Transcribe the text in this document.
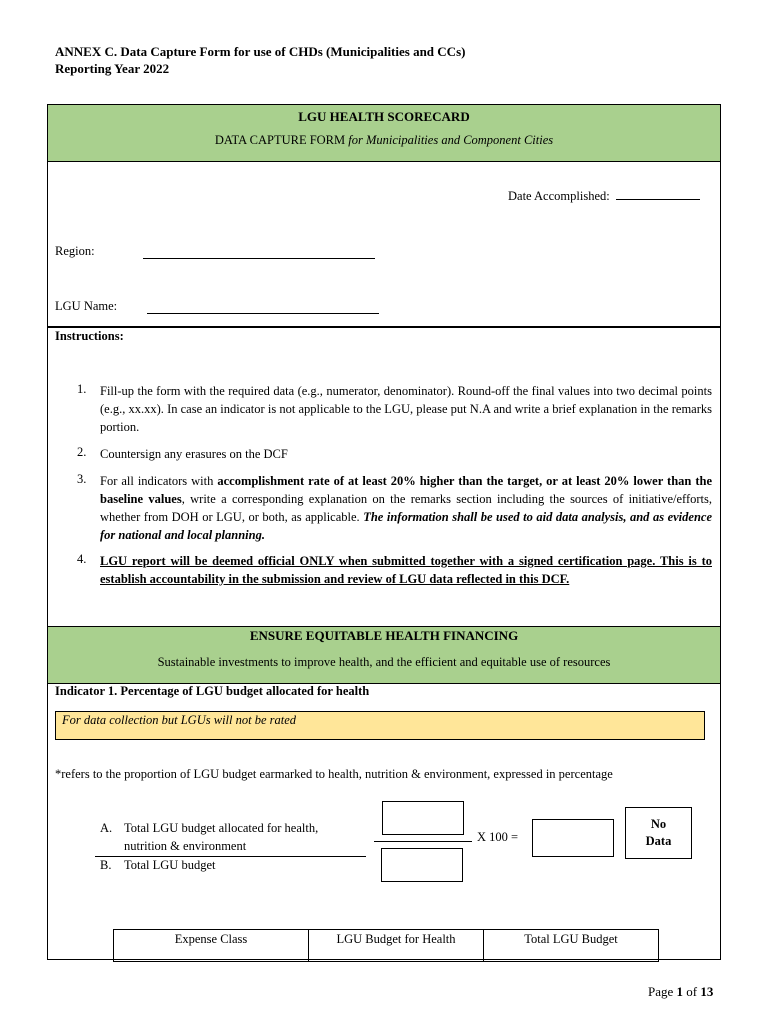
ANNEX C. Data Capture Form for use of CHDs (Municipalities and CCs)
Reporting Year 2022
LGU HEALTH SCORECARD
DATA CAPTURE FORM for Municipalities and Component Cities
Date Accomplished:
Region:
LGU Name:
Instructions:
1. Fill-up the form with the required data (e.g., numerator, denominator). Round-off the final values into two decimal points (e.g., xx.xx). In case an indicator is not applicable to the LGU, please put N.A and write a brief explanation in the remarks portion.
2. Countersign any erasures on the DCF
3. For all indicators with accomplishment rate of at least 20% higher than the target, or at least 20% lower than the baseline values, write a corresponding explanation on the remarks section including the sources of initiative/efforts, whether from DOH or LGU, or both, as applicable. The information shall be used to aid data analysis, and as evidence for national and local planning.
4. LGU report will be deemed official ONLY when submitted together with a signed certification page. This is to establish accountability in the submission and review of LGU data reflected in this DCF.
ENSURE EQUITABLE HEALTH FINANCING
Sustainable investments to improve health, and the efficient and equitable use of resources
Indicator 1. Percentage of LGU budget allocated for health
For data collection but LGUs will not be rated
*refers to the proportion of LGU budget earmarked to health, nutrition & environment, expressed in percentage
A. Total LGU budget allocated for health,
nutrition & environment
B. Total LGU budget
X 100 =
No
Data
Expense Class	LGU Budget for Health	Total LGU Budget
Page 1 of 13
